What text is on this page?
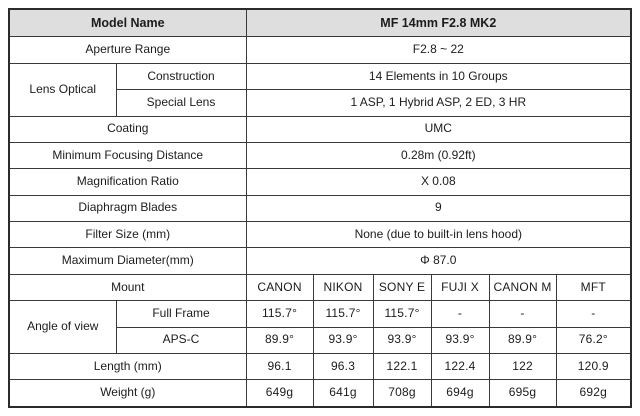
Model Name		MF 14mm F2.8 MK2					
Aperture Range		F2.8 ~ 22					
Lens Optical	Construction	14 Elements in 10 Groups					
	Special Lens	1 ASP, 1 Hybrid ASP, 2 ED, 3 HR					
Coating		UMC					
Minimum Focusing Distance		0.28m (0.92ft)					
Magnification Ratio		X 0.08					
Diaphragm Blades		9					
Filter Size (mm)		None (due to built-in lens hood)					
Maximum Diameter(mm)		Φ 87.0					
Mount		CANON	NIKON	SONY E	FUJI X	CANON M	MFT
Angle of view	Full Frame	115.7°	115.7°	115.7°	-	-	-
	APS-C	89.9°	93.9°	93.9°	93.9°	89.9°	76.2°
Length (mm)		96.1	96.3	122.1	122.4	122	120.9
Weight (g)		649g	641g	708g	694g	695g	692g
